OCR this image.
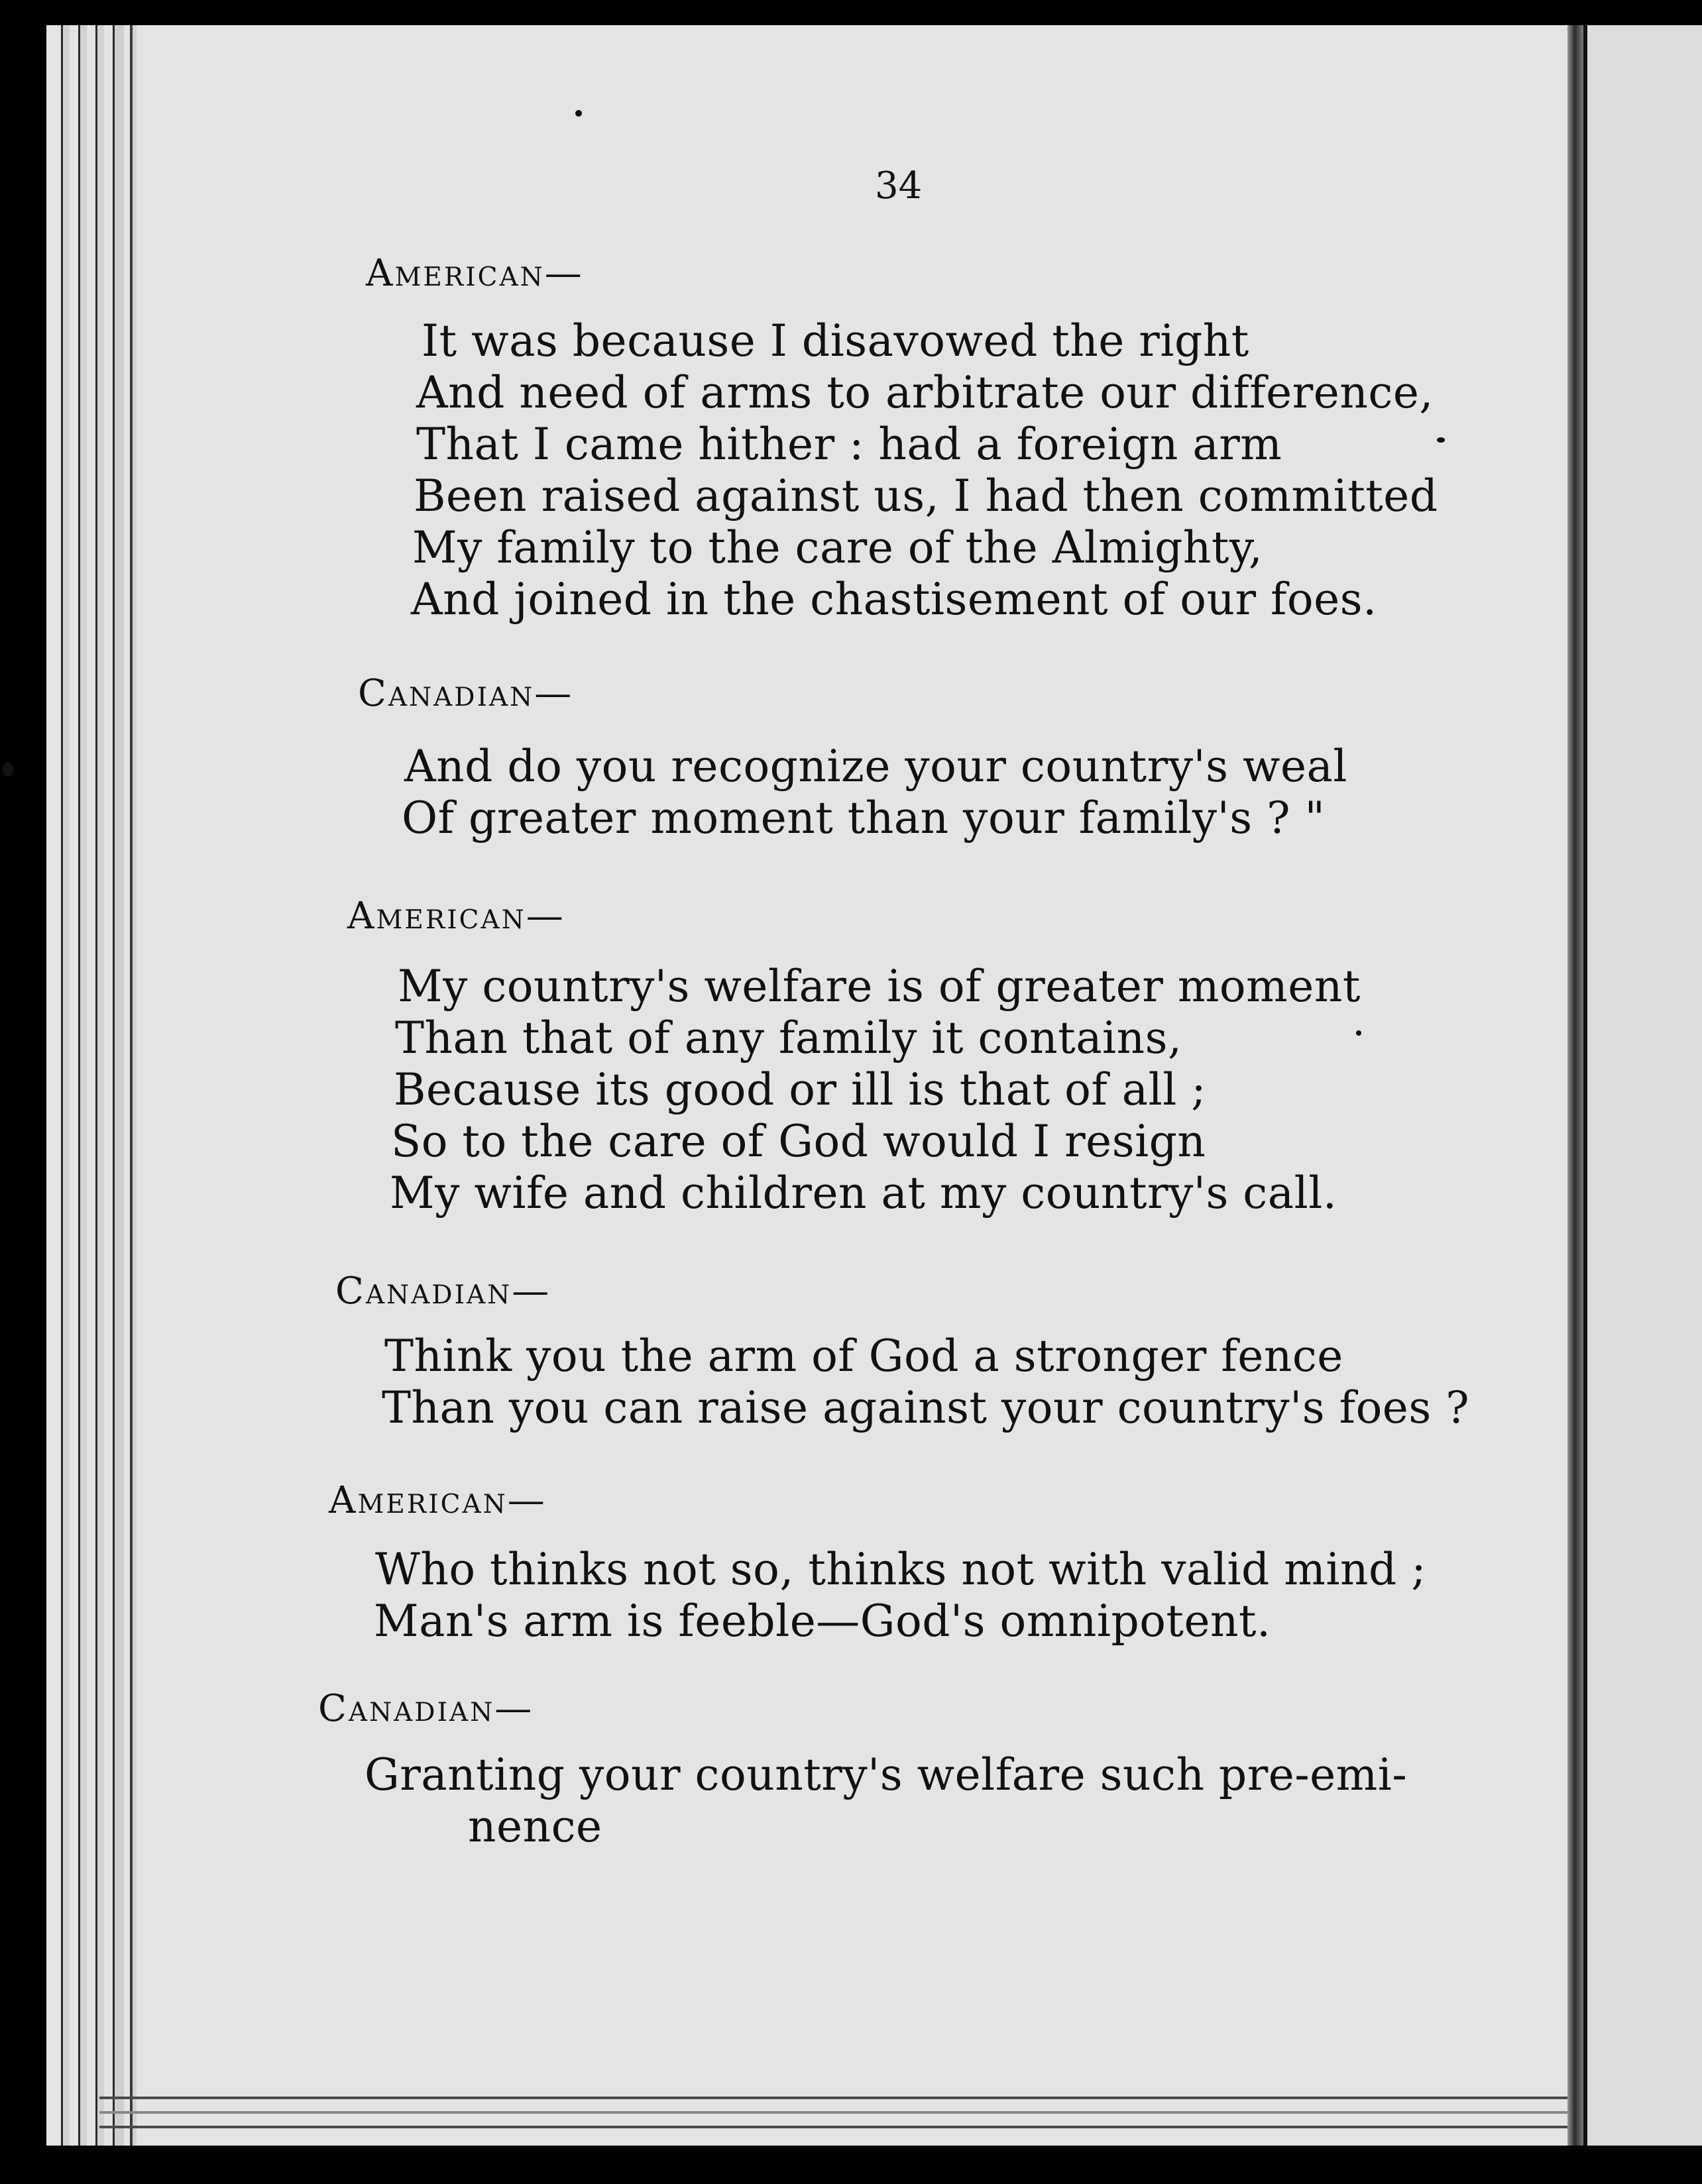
34
American—
It was because I disavowed the right
And need of arms to arbitrate our difference,
That I came hither : had a foreign arm
Been raised against us, I had then committed
My family to the care of the Almighty,
And joined in the chastisement of our foes.
Canadian—
And do you recognize your country's weal
Of greater moment than your family's ? "
American—
My country's welfare is of greater moment
Than that of any family it contains,
Because its good or ill is that of all ;
So to the care of God would I resign
My wife and children at my country's call.
Canadian—
Think you the arm of God a stronger fence
Than you can raise against your country's foes ?
American—
Who thinks not so, thinks not with valid mind ;
Man's arm is feeble—God's omnipotent.
Canadian—
Granting your country's welfare such pre-emi-
nence
